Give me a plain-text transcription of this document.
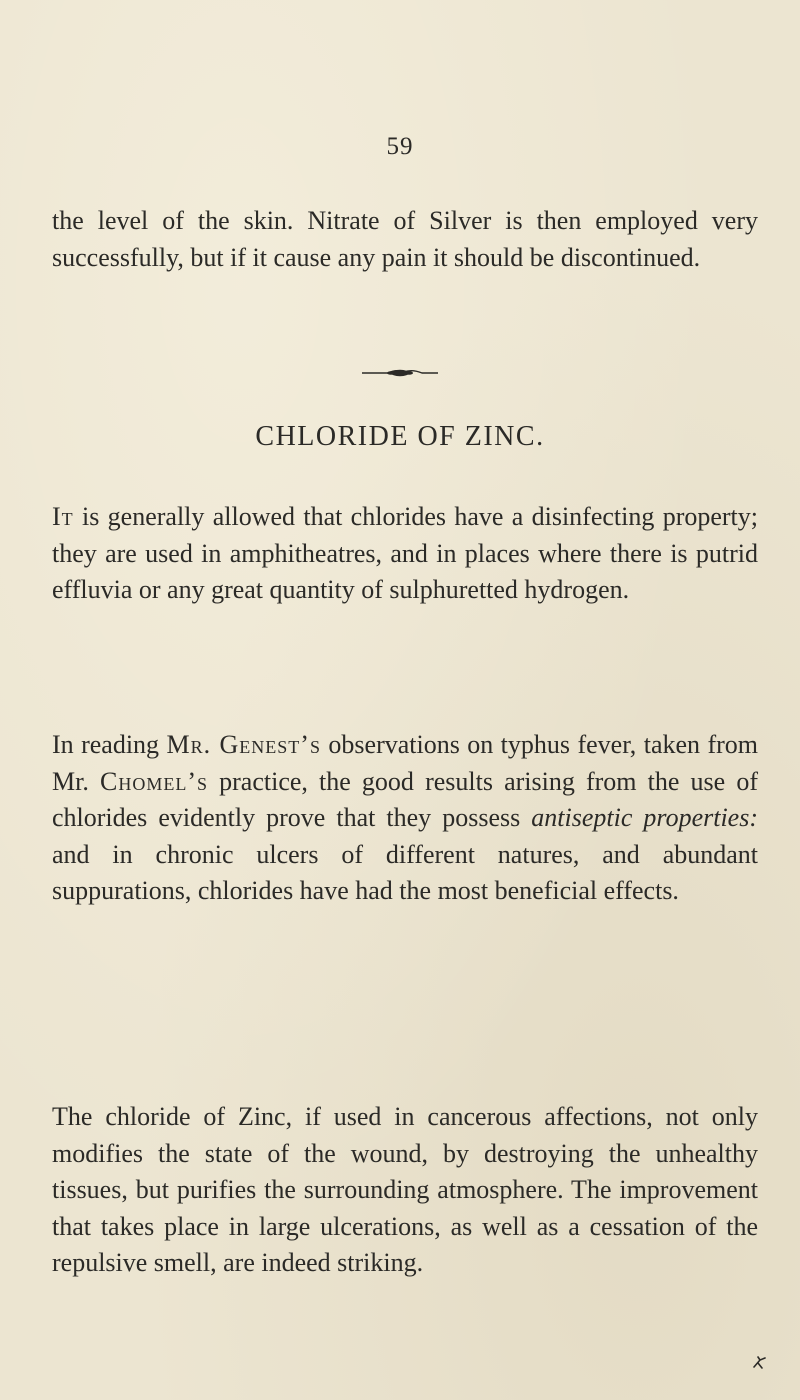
59

the level of the skin. Nitrate of Silver is then employed very successfully, but if it cause any pain it should be discontinued.

CHLORIDE OF ZINC.

It is generally allowed that chlorides have a disinfecting property; they are used in amphitheatres, and in places where there is putrid effluvia or any great quantity of sulphuretted hydrogen.

In reading Mr. Genest’s observations on typhus fever, taken from Mr. Chomel’s practice, the good results arising from the use of chlorides evidently prove that they possess antiseptic properties: and in chronic ulcers of different natures, and abundant suppurations, chlorides have had the most beneficial effects.

The chloride of Zinc, if used in cancerous affections, not only modifies the state of the wound, by destroying the unhealthy tissues, but purifies the surrounding atmosphere. The improvement that takes place in large ulcerations, as well as a cessation of the repulsive smell, are indeed striking.
